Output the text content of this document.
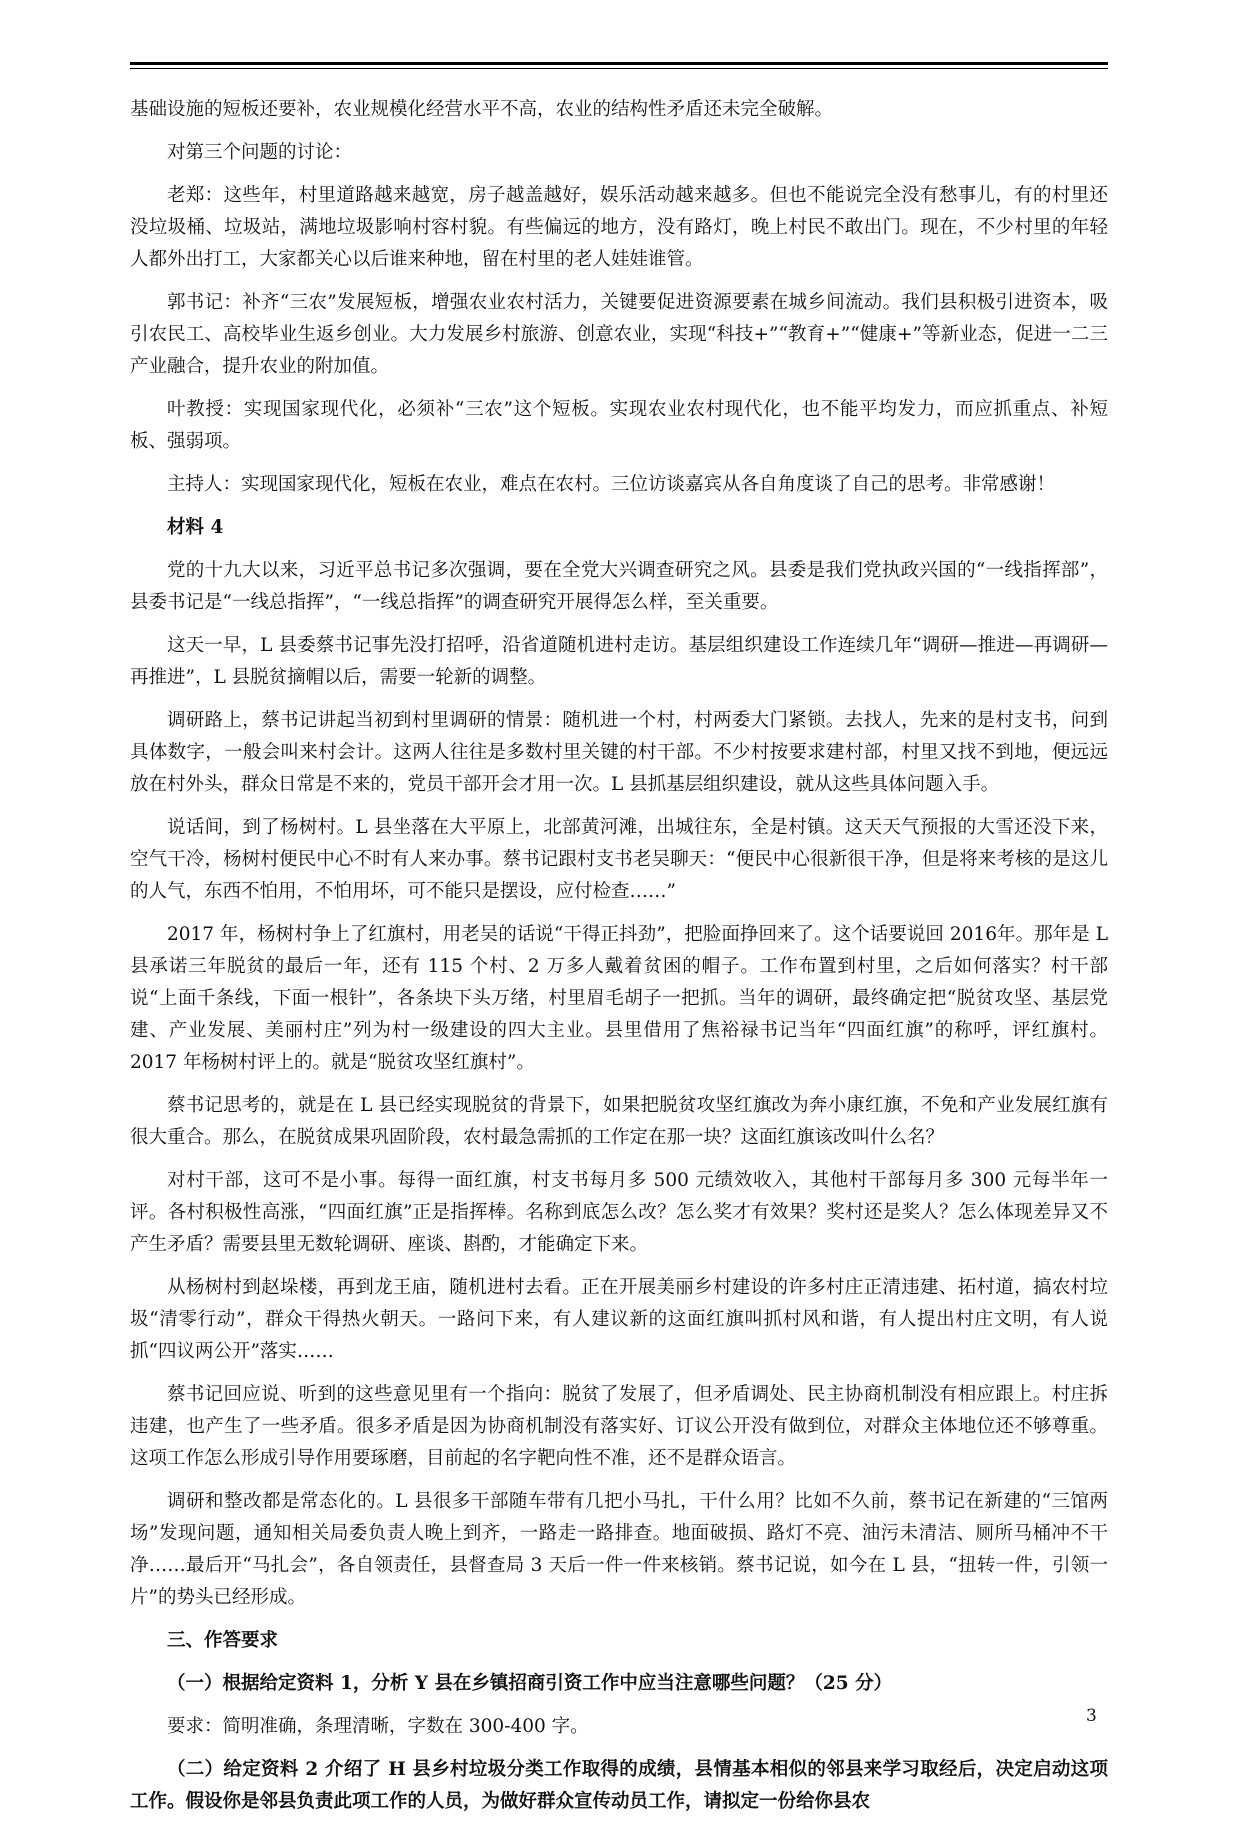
基础设施的短板还要补，农业规模化经营水平不高，农业的结构性矛盾还未完全破解。

对第三个问题的讨论：

老郑：这些年，村里道路越来越宽，房子越盖越好，娱乐活动越来越多。但也不能说完全没有愁事儿，有的村里还没垃圾桶、垃圾站，满地垃圾影响村容村貌。有些偏远的地方，没有路灯，晚上村民不敢出门。现在，不少村里的年轻人都外出打工，大家都关心以后谁来种地，留在村里的老人娃娃谁管。

郭书记：补齐“三农”发展短板，增强农业农村活力，关键要促进资源要素在城乡间流动。我们县积极引进资本，吸引农民工、高校毕业生返乡创业。大力发展乡村旅游、创意农业，实现“科技+”“教育+”“健康+”等新业态，促进一二三产业融合，提升农业的附加值。

叶教授：实现国家现代化，必须补“三农”这个短板。实现农业农村现代化，也不能平均发力，而应抓重点、补短板、强弱项。

主持人：实现国家现代化，短板在农业，难点在农村。三位访谈嘉宾从各自角度谈了自己的思考。非常感谢！

材料 4

党的十九大以来，习近平总书记多次强调，要在全党大兴调查研究之风。县委是我们党执政兴国的“一线指挥部”，县委书记是“一线总指挥”，“一线总指挥”的调查研究开展得怎么样，至关重要。

这天一早，L 县委蔡书记事先没打招呼，沿省道随机进村走访。基层组织建设工作连续几年“调研—推进—再调研—再推进”，L 县脱贫摘帽以后，需要一轮新的调整。

调研路上，蔡书记讲起当初到村里调研的情景：随机进一个村，村两委大门紧锁。去找人，先来的是村支书，问到具体数字，一般会叫来村会计。这两人往往是多数村里关键的村干部。不少村按要求建村部，村里又找不到地，便远远放在村外头，群众日常是不来的，党员干部开会才用一次。L 县抓基层组织建设，就从这些具体问题入手。

说话间，到了杨树村。L 县坐落在大平原上，北部黄河滩，出城往东，全是村镇。这天天气预报的大雪还没下来，空气干冷，杨树村便民中心不时有人来办事。蔡书记跟村支书老吴聊天：“便民中心很新很干净，但是将来考核的是这儿的人气，东西不怕用，不怕用坏，可不能只是摆设，应付检查……”

2017 年，杨树村争上了红旗村，用老吴的话说“干得正抖劲”，把脸面挣回来了。这个话要说回 2016年。那年是 L 县承诺三年脱贫的最后一年，还有 115 个村、2 万多人戴着贫困的帽子。工作布置到村里，之后如何落实？村干部说“上面千条线，下面一根针”，各条块下头万绪，村里眉毛胡子一把抓。当年的调研，最终确定把“脱贫攻坚、基层党建、产业发展、美丽村庄”列为村一级建设的四大主业。县里借用了焦裕禄书记当年“四面红旗”的称呼，评红旗村。2017 年杨树村评上的。就是“脱贫攻坚红旗村”。

蔡书记思考的，就是在 L 县已经实现脱贫的背景下，如果把脱贫攻坚红旗改为奔小康红旗，不免和产业发展红旗有很大重合。那么，在脱贫成果巩固阶段，农村最急需抓的工作定在那一块？这面红旗该改叫什么名？

对村干部，这可不是小事。每得一面红旗，村支书每月多 500 元绩效收入，其他村干部每月多 300 元每半年一评。各村积极性高涨，“四面红旗”正是指挥棒。名称到底怎么改？怎么奖才有效果？奖村还是奖人？怎么体现差异又不产生矛盾？需要县里无数轮调研、座谈、斟酌，才能确定下来。

从杨树村到赵垛楼，再到龙王庙，随机进村去看。正在开展美丽乡村建设的许多村庄正清违建、拓村道，搞农村垃圾“清零行动”，群众干得热火朝天。一路问下来，有人建议新的这面红旗叫抓村风和谐，有人提出村庄文明，有人说抓“四议两公开”落实……

蔡书记回应说、听到的这些意见里有一个指向：脱贫了发展了，但矛盾调处、民主协商机制没有相应跟上。村庄拆违建，也产生了一些矛盾。很多矛盾是因为协商机制没有落实好、订议公开没有做到位，对群众主体地位还不够尊重。这项工作怎么形成引导作用要琢磨，目前起的名字靶向性不准，还不是群众语言。

调研和整改都是常态化的。L 县很多干部随车带有几把小马扎，干什么用？比如不久前，蔡书记在新建的“三馆两场”发现问题，通知相关局委负责人晚上到齐，一路走一路排查。地面破损、路灯不亮、油污未清洁、厕所马桶冲不干净……最后开“马扎会”，各自领责任，县督查局 3 天后一件一件来核销。蔡书记说，如今在 L 县，“扭转一件，引领一片”的势头已经形成。

三、作答要求

（一）根据给定资料 1，分析 Y 县在乡镇招商引资工作中应当注意哪些问题？（25 分）

要求：简明准确，条理清晰，字数在 300-400 字。

（二）给定资料 2 介绍了 H 县乡村垃圾分类工作取得的成绩，县情基本相似的邻县来学习取经后，决定启动这项工作。假设你是邻县负责此项工作的人员，为做好群众宣传动员工作，请拟定一份给你县农

3
